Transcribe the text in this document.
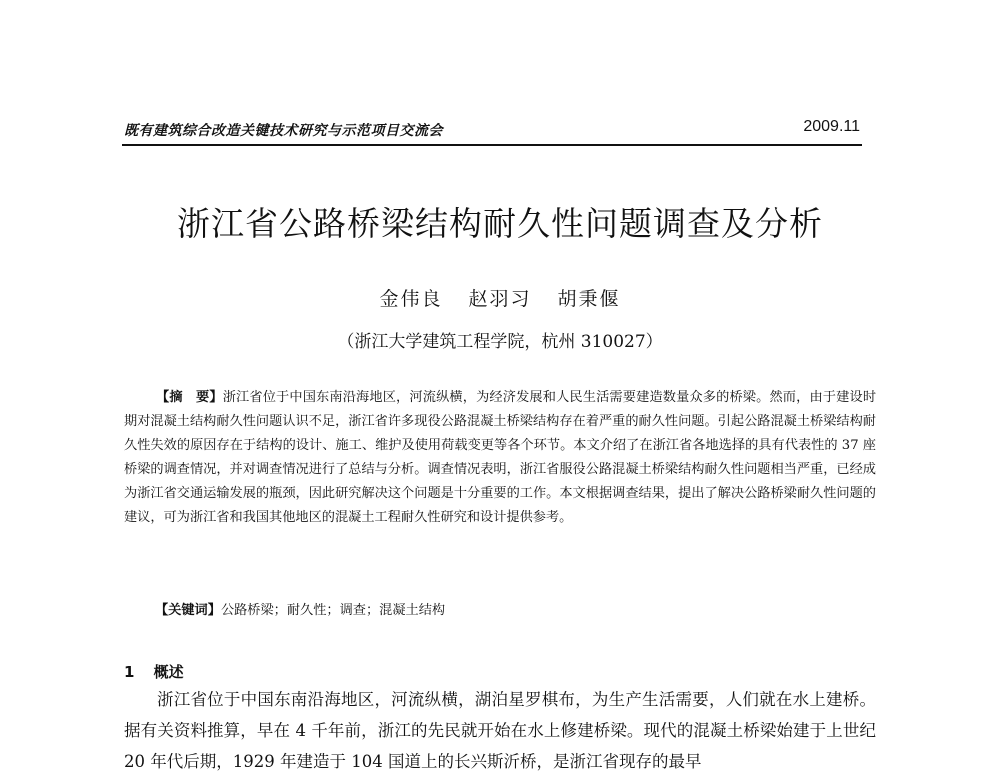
既有建筑综合改造关键技术研究与示范项目交流会	2009.11
浙江省公路桥梁结构耐久性问题调查及分析
金伟良 赵羽习 胡秉偃
（浙江大学建筑工程学院，杭州 310027）
【摘　要】浙江省位于中国东南沿海地区，河流纵横，为经济发展和人民生活需要建造数量众多的桥梁。然而，由于建设时期对混凝土结构耐久性问题认识不足，浙江省许多现役公路混凝土桥梁结构存在着严重的耐久性问题。引起公路混凝土桥梁结构耐久性失效的原因存在于结构的设计、施工、维护及使用荷载变更等各个环节。本文介绍了在浙江省各地选择的具有代表性的 37 座桥梁的调查情况，并对调查情况进行了总结与分析。调查情况表明，浙江省服役公路混凝土桥梁结构耐久性问题相当严重，已经成为浙江省交通运输发展的瓶颈，因此研究解决这个问题是十分重要的工作。本文根据调查结果，提出了解决公路桥梁耐久性问题的建议，可为浙江省和我国其他地区的混凝土工程耐久性研究和设计提供参考。
【关键词】公路桥梁；耐久性；调查；混凝土结构
1 概述
浙江省位于中国东南沿海地区，河流纵横，湖泊星罗棋布，为生产生活需要，人们就在水上建桥。据有关资料推算，早在 4 千年前，浙江的先民就开始在水上修建桥梁。现代的混凝土桥梁始建于上世纪 20 年代后期，1929 年建造于 104 国道上的长兴斯沂桥，是浙江省现存的最早
